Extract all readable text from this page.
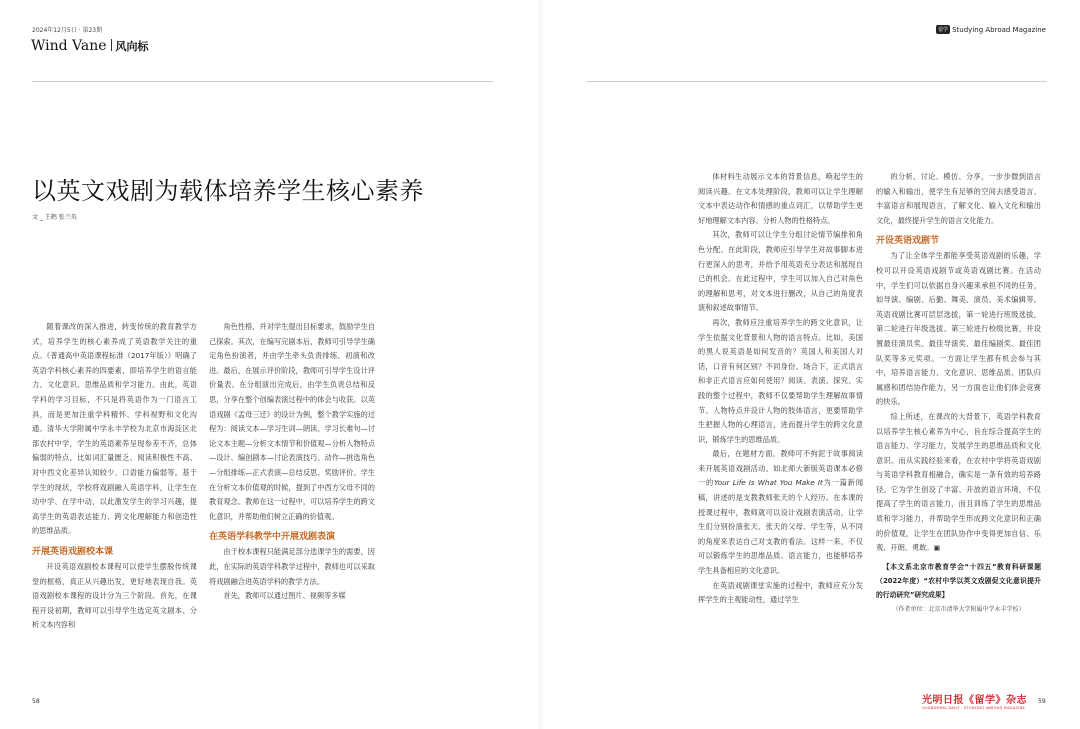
2024年12月5日 · 第23期
Wind Vane 风向标
留学 Studying Abroad Magazine
以英文戏剧为载体培养学生核心素养
文 _ 王鹤 张兰英

随着课改的深入推进，转变传统的教育教学方式，培养学生的核心素养成了英语教学关注的重点。《普通高中英语课程标准（2017年版）》明确了英语学科核心素养的四要素，即培养学生的语言能力、文化意识、思维品质和学习能力。由此，英语学科的学习目标，不只是将英语作为一门语言工具，而是更加注重学科精怀、学科视野和文化沟通。清华大学附属中学永丰学校为北京市海淀区北部农村中学，学生的英语素养呈现参差不齐，总体偏弱的特点，比如词汇量匮乏、阅读积极性不高、对中西文化差异认知较少、口语能力偏弱等。基于学生的现状，学校将戏剧融入英语学科，让学生在动中学、在学中动，以此激发学生的学习兴趣，提高学生的英语表达能力、跨文化理解能力和创造性的思维品质。

开展英语戏剧校本课

开设英语戏剧校本课程可以使学生摆脱传统课堂的框格，真正从兴趣出发，更好地表现自我。英语戏剧校本课程的设计分为三个阶段。首先，在课程开设初期，教师可以引导学生选定英文剧本、分析文本内容和

角色性格，并对学生提出目标要求，鼓励学生自己探索。其次，在编写完剧本后，教师可引导学生确定角色扮演者，并由学生牵头负责排练、初演和改进。最后，在展示评价阶段，教师可引导学生设计评价量表。在分组演出完成后，由学生负责总结和反思，分享在整个创编表演过程中的体会与收获。以英语戏剧《孟母三迁》的设计为例，整个教学实施的过程为：阅读文本—学习生词—朗读、学习长难句—讨论文本主题—分析文本情节和价值观—分析人物特点—设计、编创剧本—讨论表演技巧、动作—挑选角色—分组排练—正式表演—总结反思、奖励评价。学生在分析文本价值观的时候，提到了中西方父母不同的教育观念。教师在这一过程中，可以培养学生的跨文化意识，并帮助他们树立正确的价值观。

在英语学科教学中开展戏剧表演

由于校本课程只能满足部分选课学生的需要，因此，在实际的英语学科教学过程中，教师也可以采取将戏剧融合进英语学科的教学方法。

首先，教师可以通过图片、视频等多媒

体材料生动展示文本的背景信息，唤起学生的阅读兴趣。在文本处理阶段，教师可以让学生理解文本中表达动作和情感的重点词汇，以帮助学生更好地理解文本内容、分析人物的性格特点。

其次，教师可以让学生分组讨论情节编排和角色分配。在此阶段，教师应引导学生对故事脚本进行更深入的思考，并给予用英语充分表达和展现自己的机会。在此过程中，学生可以加入自己对角色的理解和思考，对文本进行删改，从自己的角度表演和叙述故事情节。

再次，教师应注重培养学生的跨文化意识，让学生依据文化背景和人物的语言特点。比如，美国的黑人说英语是如何发音的？英国人和美国人对话，口音有何区别？不同身份、场合下，正式语言和非正式语言应如何使用？阅读、表演、探究、实践的整个过程中，教师不仅要帮助学生理解故事情节、人物特点并设计人物的肢体语言，更要帮助学生把握人物的心理语言，进而提升学生的跨文化意识，锻炼学生的思维品质。

最后，在题材方面，教师可不拘泥于故事阅读来开展英语戏剧活动。如北师大新版英语课本必修一的Your Life Is What You Make It为一篇新闻稿，讲述的是支教教师张天的个人经历。在本课的授课过程中，教师就可以设计戏剧表演活动，让学生们分别扮演张天、张天的父母、学生等，从不同的角度来表达自己对支教的看法。这样一来，不仅可以锻炼学生的思维品质、语言能力，也能够培养学生具备相应的文化意识。

在英语戏剧课堂实施的过程中，教师应充分发挥学生的主观能动性，通过学生

的分析、讨论、模仿、分享，一步步微到语言的输入和输出，使学生有足够的空间去感受语言、丰富语言和展现语言，了解文化、输入文化和输出文化，最终提升学生的语言文化能力。

开设英语戏剧节

为了让全体学生都能享受英语戏剧的乐趣，学校可以开设英语戏剧节或英语戏剧比赛。在活动中，学生们可以依据自身兴趣来承担不同的任务，如导演、编剧、后勤、舞美、演员、美术编辑等。英语戏剧比赛可层层选拔，第一轮进行班级选拔，第二轮进行年级选拔、第三轮进行校级比赛，并设置最佳演员奖、最佳导演奖、最佳编剧奖、最佳团队奖等多元奖项。一方面让学生都有机会参与其中，培养语言能力、文化意识、思维品质、团队归属感和团结协作能力，另一方面也让他们体会竞赛的快乐。

综上所述，在课改的大背景下，英语学科教育以培养学生核心素养为中心，旨在综合提高学生的语言能力、学习能力，发展学生的思维品质和文化意识。而从实践经验来看，在农村中学将英语戏剧与英语学科教育相融合，确实是一条有效的培养路径。它为学生创设了丰富、开放的语言环境，不仅提高了学生的语言能力，而且训练了学生的思维品质和学习能力，并帮助学生形成跨文化意识和正确的价值观，让学生在团队协作中变得更加自信、乐观、开朗、勇敢。▣

【本文系北京市教育学会“十四五”教育科研课题（2022年度）“农村中学以英文戏剧促文化意识提升的行动研究”研究成果】

（作者单位：北京市清华大学附属中学永丰学校）

58	59
光明日报《留学》杂志
GUANGMING DAILY · STUDYING ABROAD MAGAZINE
